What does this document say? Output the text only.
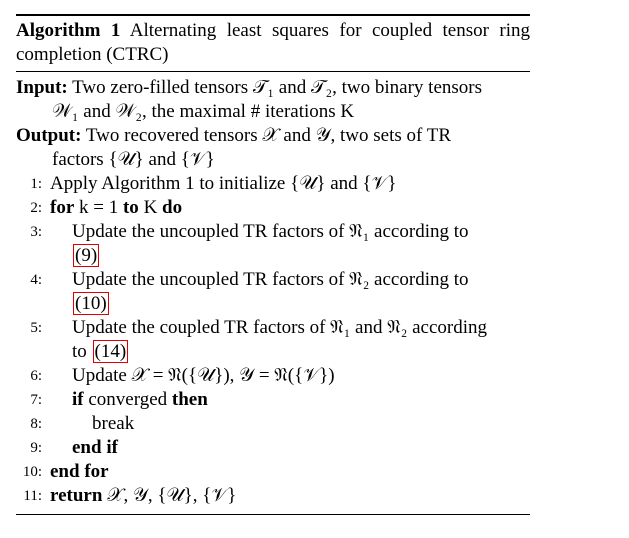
Algorithm 1 Alternating least squares for coupled tensor ring completion (CTRC)
Input: Two zero-filled tensors 𝒯₁ and 𝒯₂, two binary tensors
𝒲₁ and 𝒲₂, the maximal # iterations K
Output: Two recovered tensors 𝒳 and 𝒴, two sets of TR
factors {𝒰} and {𝒱}
1: Apply Algorithm 1 to initialize {𝒰} and {𝒱}
2: for k = 1 to K do
3:	Update the uncoupled TR factors of 𝔑₁ according to
(9)
4:	Update the uncoupled TR factors of 𝔑₂ according to
(10)
5:	Update the coupled TR factors of 𝔑₁ and 𝔑₂ according
to (14)
6:	Update 𝒳 = 𝔑({𝒰}), 𝒴 = 𝔑({𝒱})
7:	if converged then
8:	break
9:	end if
10: end for
11: return 𝒳, 𝒴, {𝒰}, {𝒱}
